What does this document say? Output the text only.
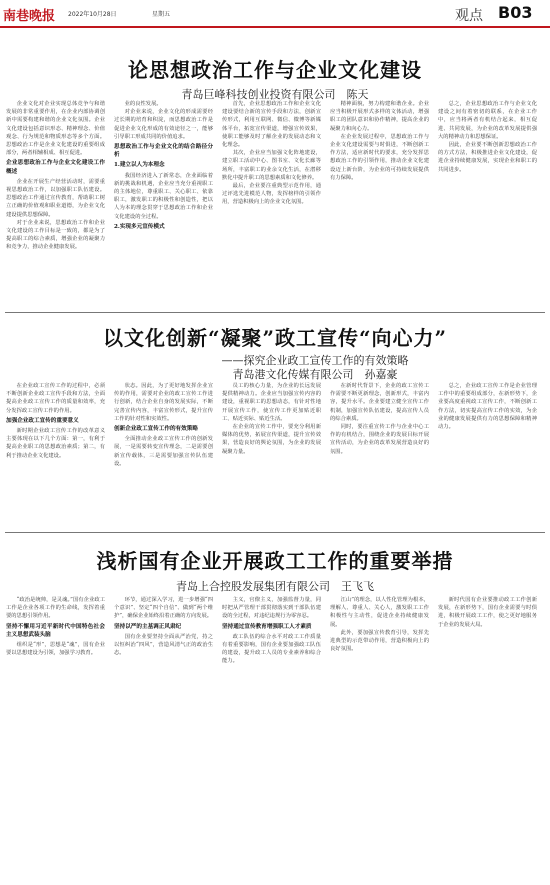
南巷晚报 2022年10月28日	星期五	观点 B03
论思想政治工作与企业文化建设
青岛巨峰科技创业投资有限公司　陈天

企业文化对企业实现总体竞争与和谐发展的非常重要作用，在企业内部协调创新中需要构建和谐的企业文化氛围。企业文化建设包括意识形态、精神理念、价值观念、行为规范和物质形态等多个方面。思想政治工作是企业文化建设的重要组成部分，两者相辅相成、相互促进。

企业思想政治工作与企业文化建设工作概述

企业在开展生产经营活动时，需要重视思想政治工作，以加强职工队伍建设。思想政治工作通过宣传教育，帮助职工树立正确的价值观和职业道德，为企业文化建设提供思想保障。

对于企业来说，思想政治工作和企业文化建设的工作目标是一致的，都是为了提高职工的综合素质，增强企业的凝聚力和竞争力，推动企业健康发展。

业的良性发展。

对企业来说，企业文化的形成需要经过长期的培育和积淀，而思想政治工作是促进企业文化形成的有效途径之一，能够引导职工形成共同的价值追求。

思想政治工作与企业文化的结合路径分析
1.建立以人为本理念

我国经济进入了新常态，企业面临着新的挑战和机遇，企业应当充分重视职工的主体地位，尊重职工、关心职工、依靠职工，激发职工的积极性和创造性，把以人为本的理念贯穿于思想政治工作和企业文化建设的全过程。

2.实现多元宣传模式

首先，企业思想政治工作和企业文化建设要结合新的宣传手段和方法，创新宣传形式，利用互联网、微信、微博等新媒体平台，拓宽宣传渠道，增强宣传效果，使职工能够及时了解企业的发展动态和文化理念。

其次，企业应当加强文化阵地建设，建立职工活动中心、图书室、文化长廊等场所，丰富职工的业余文化生活，在潜移默化中提升职工的思想素质和文化修养。

最后，企业要注重典型示范作用，通过评选先进模范人物，发挥榜样的引领作用，营造积极向上的企业文化氛围。

精神面貌，努力构建和谐企业。企业应当积极开展形式多样的文体活动，增强职工的团队意识和协作精神，提高企业的凝聚力和向心力。

在企业发展过程中，思想政治工作与企业文化建设需要与时俱进，不断创新工作方法，适应新时代的要求，充分发挥思想政治工作的引领作用，推动企业文化建设迈上新台阶，为企业的可持续发展提供有力保障。

总之，企业思想政治工作与企业文化建设之间有着密切的联系，在企业工作中，应当将两者有机结合起来，相互促进、共同发展，为企业的改革发展提供强大的精神动力和思想保证。

因此，企业要不断创新思想政治工作的方式方法，积极推进企业文化建设，促进企业持续健康发展，实现企业和职工的共同进步。

以文化创新“凝聚”政工宣传“向心力”
——探究企业政工宣传工作的有效策略
青岛港文化传媒有限公司　孙嘉豪

在企业政工宣传工作的过程中，必须不断创新企业政工宣传手段和方法，全面提高企业政工宣传工作的质量和效率，充分发挥政工宣传工作的作用。

加强企业政工宣传的重要意义

新时期企业政工宣传工作的改革意义主要体现在以下几个方面：第一，有利于提高企业职工的思想政治素质；第二，有利于推动企业文化建设。

状态。因此，为了更好地发挥企业宣传的作用，需要对企业的政工宣传工作进行创新，结合企业自身的发展实际，不断完善宣传内容，丰富宣传形式，提升宣传工作的针对性和实效性。

创新企业政工宣传工作的有效策略

全面推动企业政工宣传工作的创新发展，一是需要转变宣传理念，二是需要创新宣传载体，三是需要加强宣传队伍建设。

员工的核心力量，为企业的长远发展提供精神动力。企业应当加强宣传内容的建设，重视职工的思想动态，有针对性地开展宣传工作，使宣传工作更加贴近职工、贴近实际、贴近生活。

在企业的宣传工作中，要充分利用新媒体的优势，拓展宣传渠道，提升宣传效果，营造良好的舆论氛围，为企业的发展凝聚力量。

在新时代背景下，企业的政工宣传工作需要不断更新理念，创新形式，丰富内容，提升水平。企业要建立健全宣传工作机制，加强宣传队伍建设，提高宣传人员的综合素质。

同时，要注重宣传工作与企业中心工作的有机结合，围绕企业的发展目标开展宣传活动，为企业的改革发展营造良好的氛围。

总之，企业政工宣传工作是企业管理工作中的重要组成部分，在新形势下，企业要高度重视政工宣传工作，不断创新工作方法，切实提高宣传工作的实效，为企业的健康发展提供有力的思想保障和精神动力。

浅析国有企业开展政工工作的重要举措
青岛上合控股发展集团有限公司　王飞飞

“政治是统帅，是灵魂。”国有企业政工工作是企业各项工作的生命线，发挥着重要的思想引领作用。

坚持不懈用习近平新时代中国特色社会主义思想武装头脑

组织是“形”，思想是“魂”，国有企业要以思想建设为引领，加强学习教育。

环节，通过深入学习，进一步增强“四个意识”、坚定“四个自信”、做到“两个维护”，确保企业始终沿着正确的方向发展。

坚持以严的主基调正风肃纪

国有企业要坚持全面从严治党，持之以恒纠治“四风”，营造风清气正的政治生态。

主义，官僚主义，加强监督力量，同时把从严管理干部贯彻落实到干部队伍建设的全过程，对违纪违规行为零容忍。

坚持通过宣传教育增强职工人才素质

政工队伍的综合水平对政工工作质量有着重要影响，国有企业要加强政工队伍的建设，提升政工人员的专业素养和综合能力。

江山”的理念，以人性化管理为根本，理解人、尊重人、关心人，激发职工工作积极性与主动性，促进企业持续健康发展。

此外，要加强宣传教育引导，发挥先进典型的示范带动作用，营造积极向上的良好氛围。

新时代国有企业要推动政工工作创新发展，在新形势下，国有企业需要与时俱进，积极开展政工工作，使之更好地服务于企业的发展大局。
